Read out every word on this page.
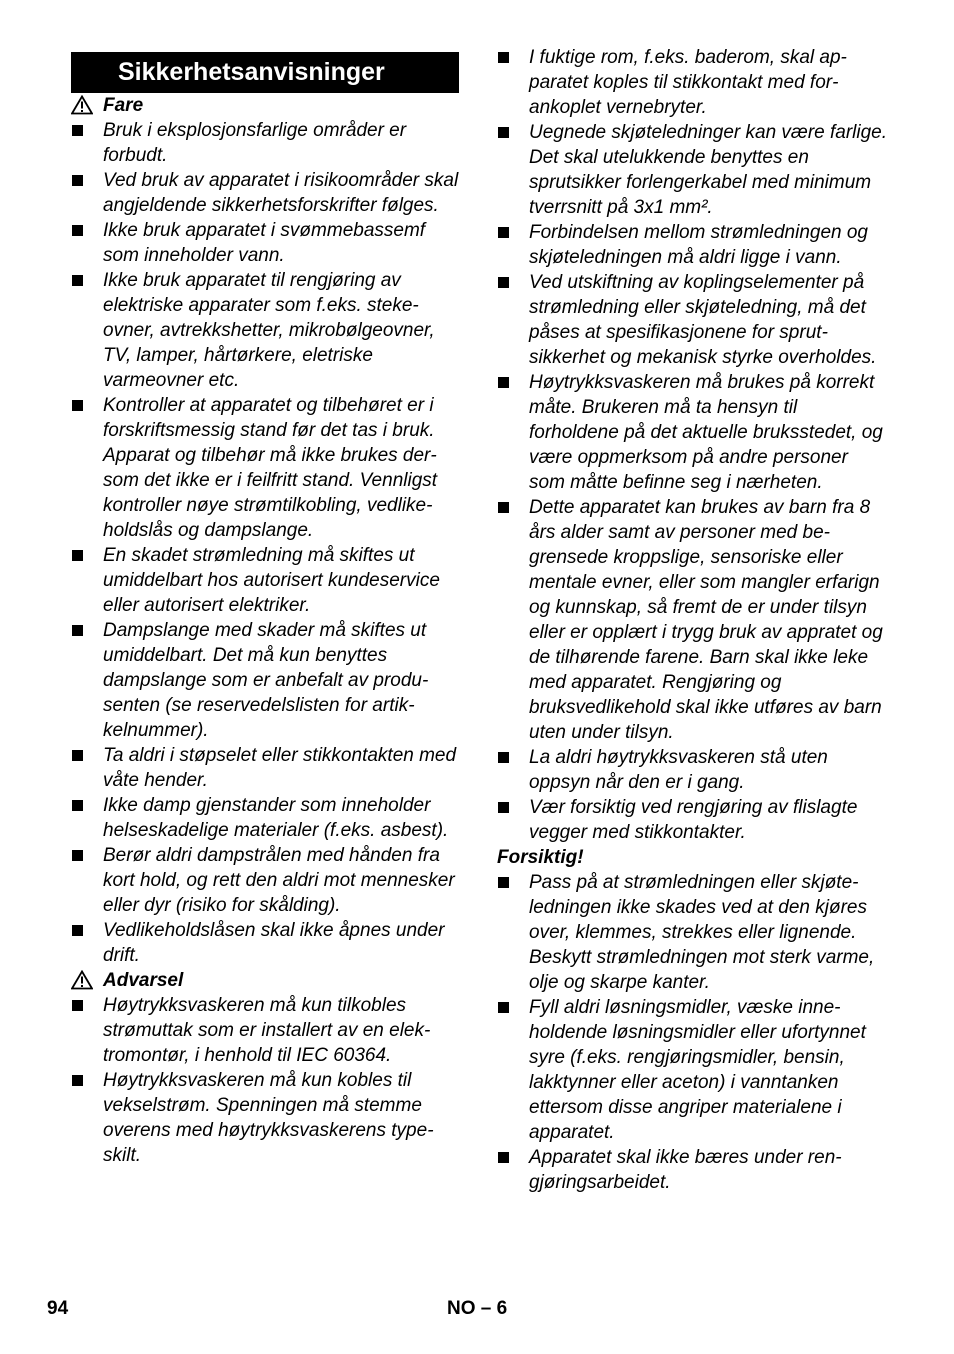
Sikkerhetsanvisninger
Fare
Bruk i eksplosjonsfarlige områder er forbudt.
Ved bruk av apparatet i risikoområder skal angjeldende sikkerhetsforskrifter følges.
Ikke bruk apparatet i svømmebassemf som inneholder vann.
Ikke bruk apparatet til rengjøring av elektriske apparater som f.eks. stekeovner, avtrekkshetter, mikrobølgeovner, TV, lamper, hårtørkere, eletriske varmeovner etc.
Kontroller at apparatet og tilbehøret er i forskriftsmessig stand før det tas i bruk. Apparat og tilbehør må ikke brukes dersom det ikke er i feilfritt stand. Vennligst kontroller nøye strømtilkobling, vedlikeholdslås og dampslange.
En skadet strømledning må skiftes ut umiddelbart hos autorisert kundeservice eller autorisert elektriker.
Dampslange med skader må skiftes ut umiddelbart. Det må kun benyttes dampslange som er anbefalt av produsenten (se reservedelslisten for artikkelnummer).
Ta aldri i støpselet eller stikkontakten med våte hender.
Ikke damp gjenstander som inneholder helseskadelige materialer (f.eks. asbest).
Berør aldri dampstrålen med hånden fra kort hold, og rett den aldri mot mennesker eller dyr (risiko for skålding).
Vedlikeholdslåsen skal ikke åpnes under drift.
Advarsel
Høytrykksvaskeren må kun tilkobles strømuttak som er installert av en elektromontør, i henhold til IEC 60364.
Høytrykksvaskeren må kun kobles til vekselstrøm. Spenningen må stemme overens med høytrykksvaskerens typeskilt.
I fuktige rom, f.eks. baderom, skal apparatet koples til stikkontakt med forankoplet vernebryter.
Uegnede skjøteledninger kan være farlige. Det skal utelukkende benyttes en sprutsikker forlengerkabel med minimum tverrsnitt på 3x1 mm².
Forbindelsen mellom strømledningen og skjøteledningen må aldri ligge i vann.
Ved utskiftning av koplingselementer på strømledning eller skjøteledning, må det påses at spesifikasjonene for sprutsikkerhet og mekanisk styrke overholdes.
Høytrykksvaskeren må brukes på korrekt måte. Brukeren må ta hensyn til forholdene på det aktuelle bruksstedet, og være oppmerksom på andre personer som måtte befinne seg i nærheten.
Dette apparatet kan brukes av barn fra 8 års alder samt av personer med begrensede kroppslige, sensoriske eller mentale evner, eller som mangler erfarign og kunnskap, så fremt de er under tilsyn eller er opplært i trygg bruk av appratet og de tilhørende farene. Barn skal ikke leke med apparatet. Rengjøring og bruksvedlikehold skal ikke utføres av barn uten under tilsyn.
La aldri høytrykksvaskeren stå uten oppsyn når den er i gang.
Vær forsiktig ved rengjøring av flislagte vegger med stikkontakter.
Forsiktig!
Pass på at strømledningen eller skjøteledningen ikke skades ved at den kjøres over, klemmes, strekkes eller lignende. Beskytt strømledningen mot sterk varme, olje og skarpe kanter.
Fyll aldri løsningsmidler, væske inneholdende løsningsmidler eller ufortynnet syre (f.eks. rengjøringsmidler, bensin, lakktynner eller aceton) i vanntanken ettersom disse angriper materialene i apparatet.
Apparatet skal ikke bæres under rengjøringsarbeidet.
94	NO – 6
